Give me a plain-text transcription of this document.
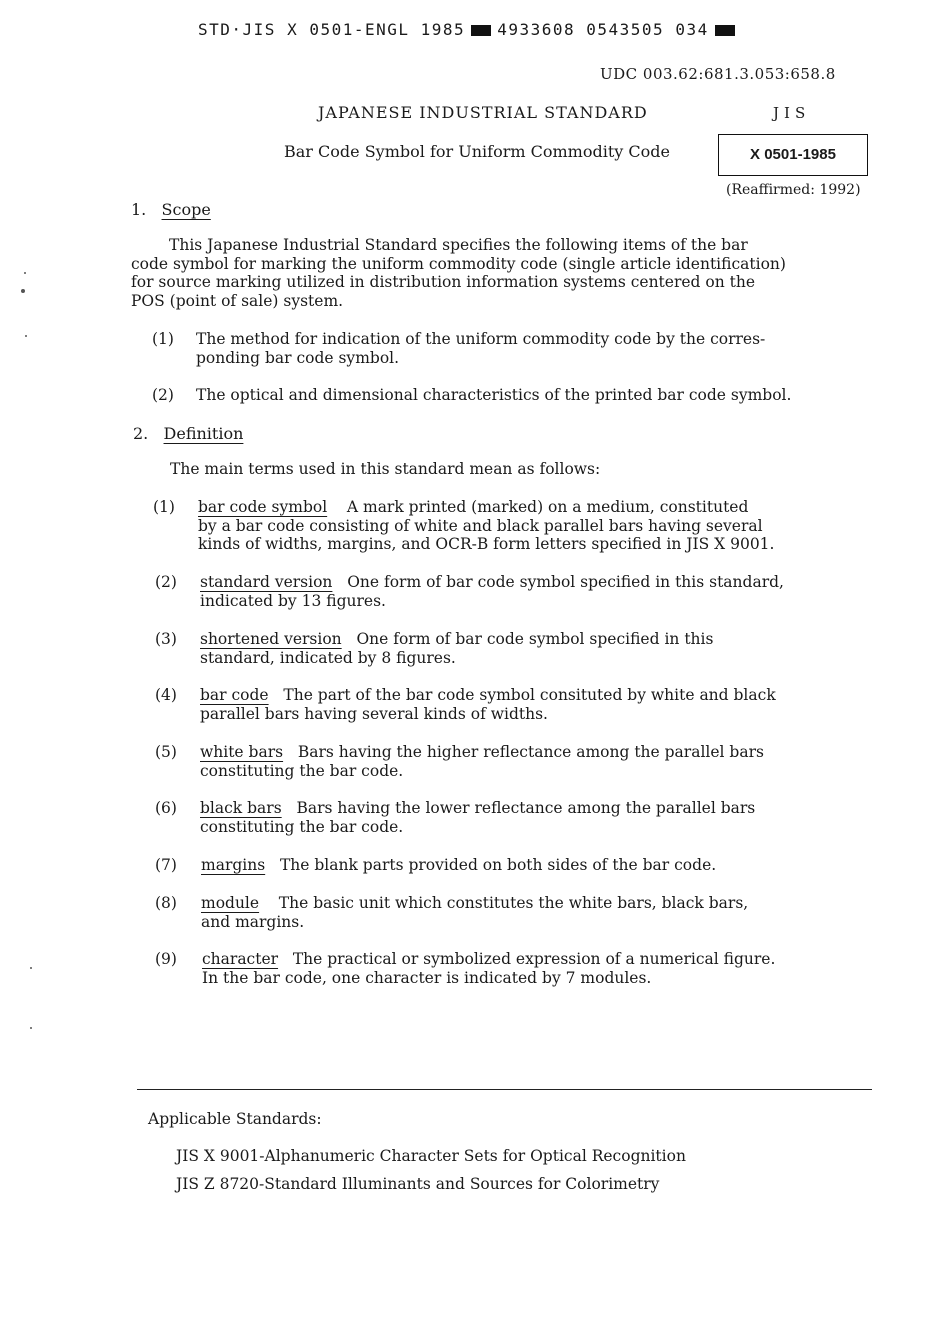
STD·JIS X 0501-ENGL 1985 4933608 0543505 034
UDC 003.62:681.3.053:658.8
JAPANESE INDUSTRIAL STANDARD	JIS
Bar Code Symbol for Uniform Commodity Code	X 0501-1985
(Reaffirmed: 1992)
1. Scope
This Japanese Industrial Standard specifies the following items of the bar
code symbol for marking the uniform commodity code (single article identification)
for source marking utilized in distribution information systems centered on the
POS (point of sale) system.
(1) The method for indication of the uniform commodity code by the corres-
ponding bar code symbol.
(2) The optical and dimensional characteristics of the printed bar code symbol.
2. Definition
The main terms used in this standard mean as follows:
(1) bar code symbol A mark printed (marked) on a medium, constituted
by a bar code consisting of white and black parallel bars having several
kinds of widths, margins, and OCR-B form letters specified in JIS X 9001.
(2) standard version One form of bar code symbol specified in this standard,
indicated by 13 figures.
(3) shortened version One form of bar code symbol specified in this
standard, indicated by 8 figures.
(4) bar code The part of the bar code symbol consituted by white and black
parallel bars having several kinds of widths.
(5) white bars Bars having the higher reflectance among the parallel bars
constituting the bar code.
(6) black bars Bars having the lower reflectance among the parallel bars
constituting the bar code.
(7) margins The blank parts provided on both sides of the bar code.
(8) module The basic unit which constitutes the white bars, black bars,
and margins.
(9) character The practical or symbolized expression of a numerical figure.
In the bar code, one character is indicated by 7 modules.
Applicable Standards:
JIS X 9001-Alphanumeric Character Sets for Optical Recognition
JIS Z 8720-Standard Illuminants and Sources for Colorimetry
